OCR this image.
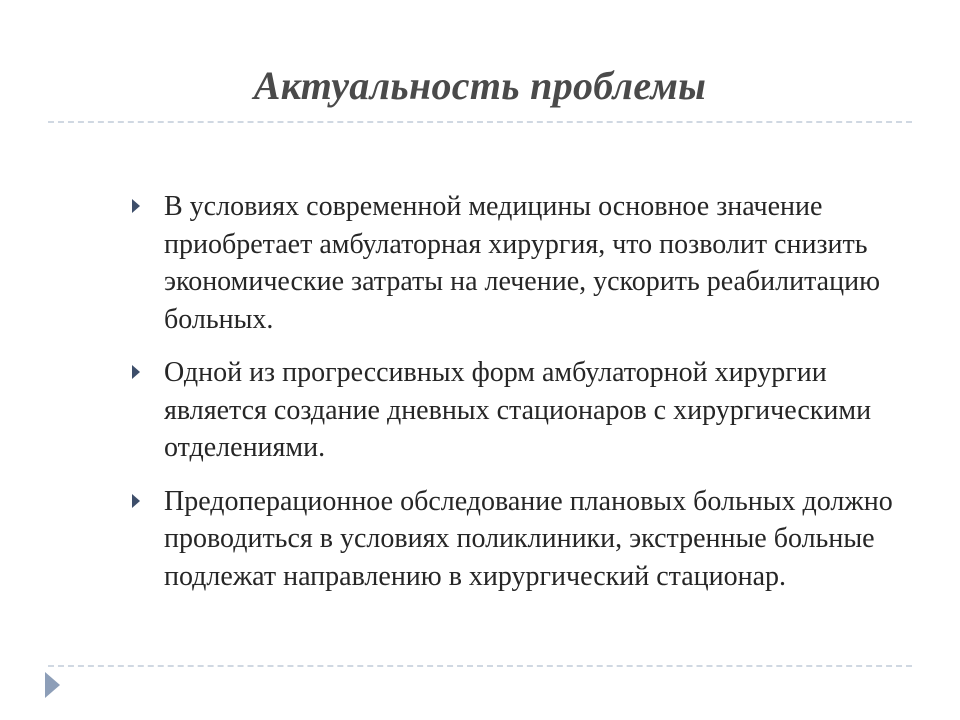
Актуальность проблемы
В условиях современной медицины основное значение приобретает амбулаторная хирургия, что позволит снизить экономические затраты на лечение, ускорить реабилитацию больных.
Одной из прогрессивных форм амбулаторной хирургии является создание дневных стационаров с хирургическими отделениями.
Предоперационное обследование плановых больных должно проводиться в условиях поликлиники, экстренные больные подлежат направлению в хирургический стационар.
